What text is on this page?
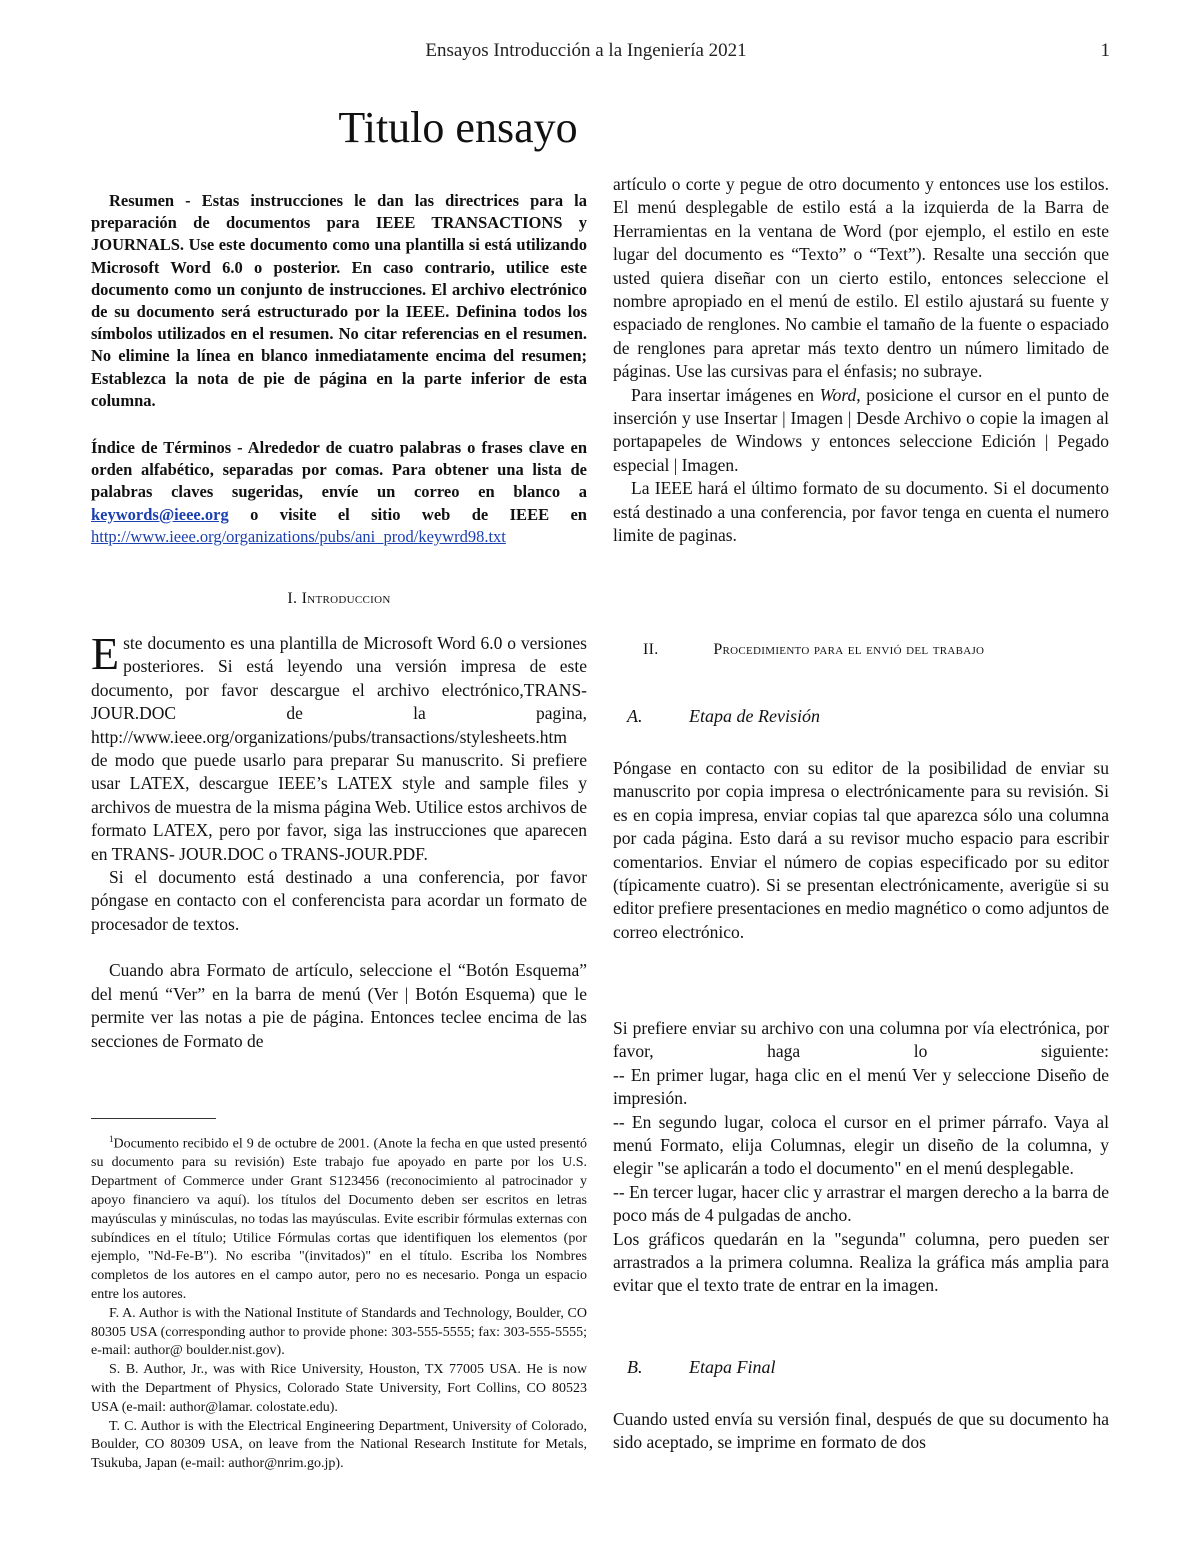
Ensayos Introducción a la Ingeniería 2021	1
Titulo ensayo

Resumen - Estas instrucciones le dan las directrices para la preparación de documentos para IEEE TRANSACTIONS y JOURNALS. Use este documento como una plantilla si está utilizando Microsoft Word 6.0 o posterior. En caso contrario, utilice este documento como un conjunto de instrucciones. El archivo electrónico de su documento será estructurado por la IEEE. Definina todos los símbolos utilizados en el resumen. No citar referencias en el resumen. No elimine la línea en blanco inmediatamente encima del resumen; Establezca la nota de pie de página en la parte inferior de esta columna.

Índice de Términos - Alrededor de cuatro palabras o frases clave en orden alfabético, separadas por comas. Para obtener una lista de palabras claves sugeridas, envíe un correo en blanco a keywords@ieee.org o visite el sitio web de IEEE en http://www.ieee.org/organizations/pubs/ani_prod/keywrd98.txt

I. Introduccion

Este documento es una plantilla de Microsoft Word 6.0 o versiones posteriores. Si está leyendo una versión impresa de este documento, por favor descargue el archivo electrónico,TRANS-JOUR.DOC de la pagina, http://www.ieee.org/organizations/pubs/transactions/stylesheets.htm de modo que puede usarlo para preparar Su manuscrito. Si prefiere usar LATEX, descargue IEEE’s LATEX style and sample files y archivos de muestra de la misma página Web. Utilice estos archivos de formato LATEX, pero por favor, siga las instrucciones que aparecen en TRANS- JOUR.DOC o TRANS-JOUR.PDF.

Si el documento está destinado a una conferencia, por favor póngase en contacto con el conferencista para acordar un formato de procesador de textos.

Cuando abra Formato de artículo, seleccione el “Botón Esquema” del menú “Ver” en la barra de menú (Ver | Botón Esquema) que le permite ver las notas a pie de página. Entonces teclee encima de las secciones de Formato de

$^1$Documento recibido el 9 de octubre de 2001. (Anote la fecha en que usted presentó su documento para su revisión) Este trabajo fue apoyado en parte por los U.S. Department of Commerce under Grant S123456 (reconocimiento al patrocinador y apoyo financiero va aquí). los títulos del Documento deben ser escritos en letras mayúsculas y minúsculas, no todas las mayúsculas. Evite escribir fórmulas externas con subíndices en el título; Utilice Fórmulas cortas que identifiquen los elementos (por ejemplo, "Nd-Fe-B"). No escriba "(invitados)" en el título. Escriba los Nombres completos de los autores en el campo autor, pero no es necesario. Ponga un espacio entre los autores.

F. A. Author is with the National Institute of Standards and Technology, Boulder, CO 80305 USA (corresponding author to provide phone: 303-555-5555; fax: 303-555-5555; e-mail: author@ boulder.nist.gov).

S. B. Author, Jr., was with Rice University, Houston, TX 77005 USA. He is now with the Department of Physics, Colorado State University, Fort Collins, CO 80523 USA (e-mail: author@lamar. colostate.edu).

T. C. Author is with the Electrical Engineering Department, University of Colorado, Boulder, CO 80309 USA, on leave from the National Research Institute for Metals, Tsukuba, Japan (e-mail: author@nrim.go.jp).

artículo o corte y pegue de otro documento y entonces use los estilos. El menú desplegable de estilo está a la izquierda de la Barra de Herramientas en la ventana de Word (por ejemplo, el estilo en este lugar del documento es “Texto” o “Text”). Resalte una sección que usted quiera diseñar con un cierto estilo, entonces seleccione el nombre apropiado en el menú de estilo. El estilo ajustará su fuente y espaciado de renglones. No cambie el tamaño de la fuente o espaciado de renglones para apretar más texto dentro un número limitado de páginas. Use las cursivas para el énfasis; no subraye.

Para insertar imágenes en Word, posicione el cursor en el punto de inserción y use Insertar | Imagen | Desde Archivo o copie la imagen al portapapeles de Windows y entonces seleccione Edición | Pegado especial | Imagen.

La IEEE hará el último formato de su documento. Si el documento está destinado a una conferencia, por favor tenga en cuenta el numero limite de paginas.

II.	Procedimiento para el envió del trabajo
A.	Etapa de Revisión

Póngase en contacto con su editor de la posibilidad de enviar su manuscrito por copia impresa o electrónicamente para su revisión. Si es en copia impresa, enviar copias tal que aparezca sólo una columna por cada página. Esto dará a su revisor mucho espacio para escribir comentarios. Enviar el número de copias especificado por su editor (típicamente cuatro). Si se presentan electrónicamente, averigüe si su editor prefiere presentaciones en medio magnético o como adjuntos de correo electrónico.

Si prefiere enviar su archivo con una columna por vía electrónica, por favor, haga lo siguiente:

-- En primer lugar, haga clic en el menú Ver y seleccione Diseño de impresión.

-- En segundo lugar, coloca el cursor en el primer párrafo. Vaya al menú Formato, elija Columnas, elegir un diseño de la columna, y elegir "se aplicarán a todo el documento" en el menú desplegable.

-- En tercer lugar, hacer clic y arrastrar el margen derecho a la barra de poco más de 4 pulgadas de ancho.

Los gráficos quedarán en la "segunda" columna, pero pueden ser arrastrados a la primera columna. Realiza la gráfica más amplia para evitar que el texto trate de entrar en la imagen.

B.	Etapa Final

Cuando usted envía su versión final, después de que su documento ha sido aceptado, se imprime en formato de dos
